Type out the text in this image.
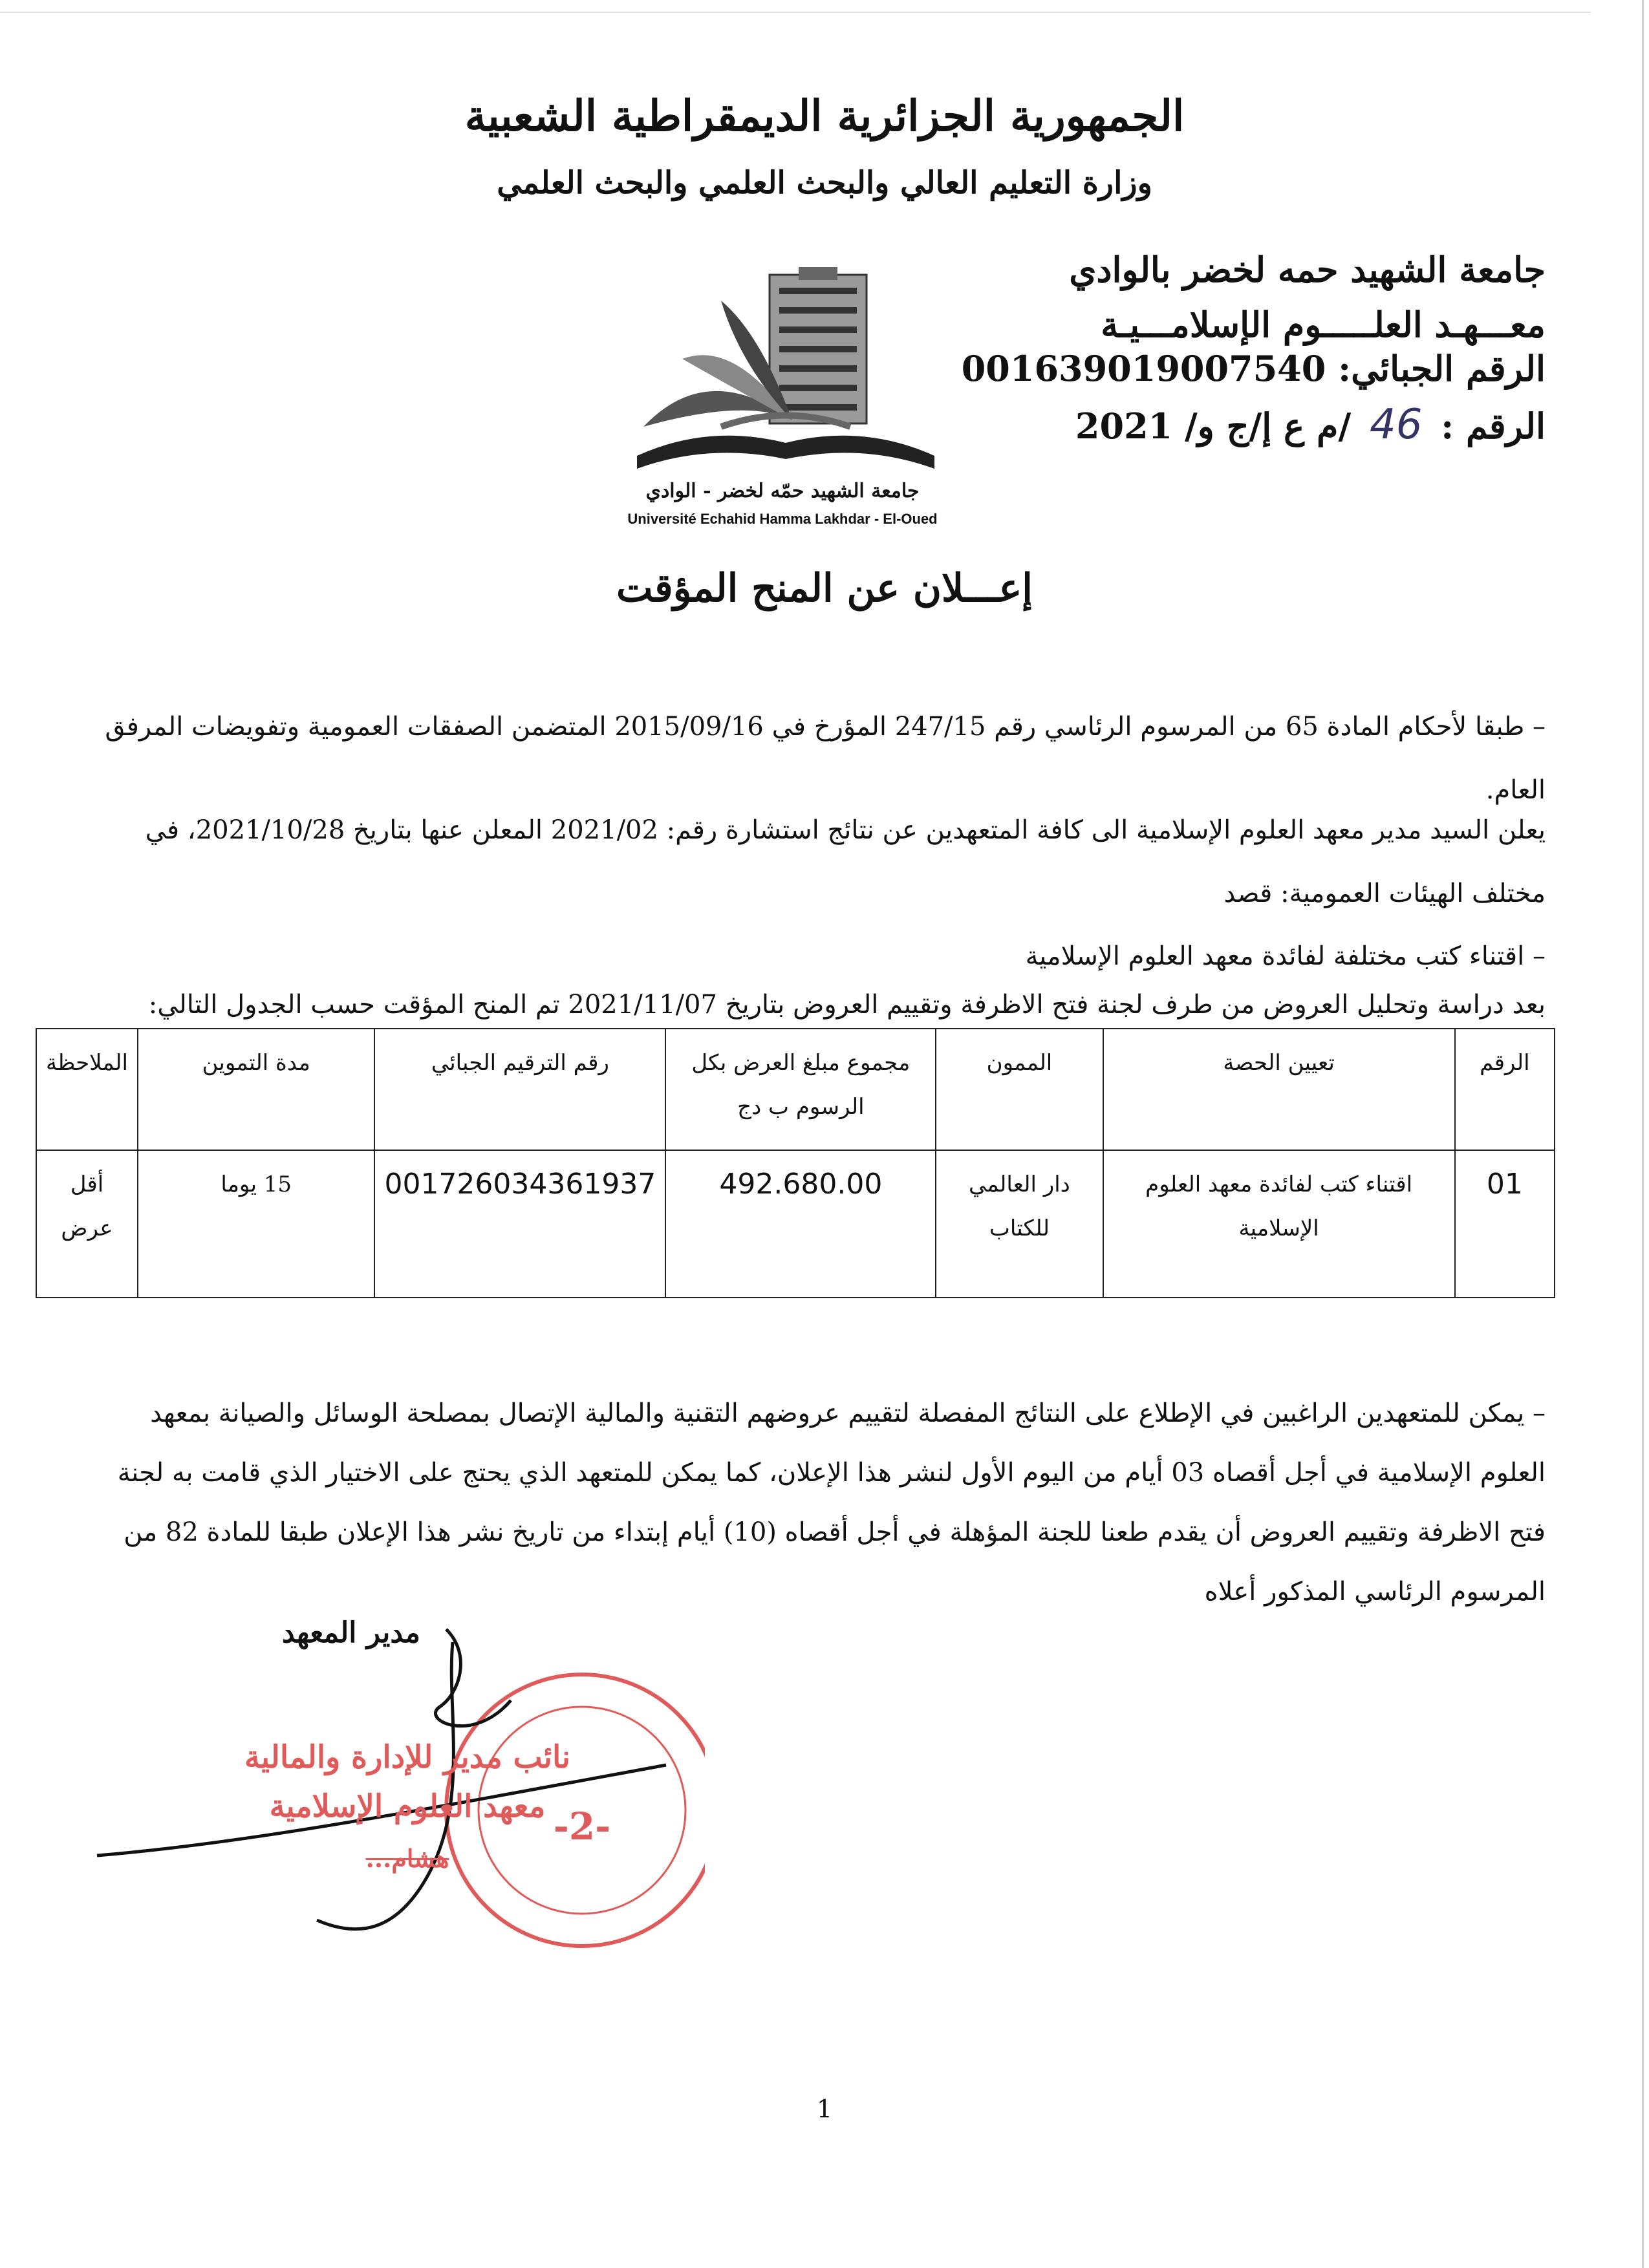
الجمهورية الجزائرية الديمقراطية الشعبية
وزارة التعليم العالي والبحث العلمي والبحث العلمي
جامعة الشهيد حمه لخضر بالوادي
معـــهـد العلـــــوم الإسلامـــيـة
الرقم الجبائي: 001639019007540
الرقم : 46 /م ع إ/ج و/ 2021
جامعة الشهيد حمّه لخضر - الوادي
Université Echahid Hamma Lakhdar - El-Oued
إعـــلان عن المنح المؤقت
– طبقا لأحكام المادة 65 من المرسوم الرئاسي رقم 247/15 المؤرخ في 2015/09/16 المتضمن الصفقات العمومية وتفويضات المرفق العام.
يعلن السيد مدير معهد العلوم الإسلامية الى كافة المتعهدين عن نتائج استشارة رقم: 2021/02 المعلن عنها بتاريخ 2021/10/28، في مختلف الهيئات العمومية: قصد
– اقتناء كتب مختلفة لفائدة معهد العلوم الإسلامية
بعد دراسة وتحليل العروض من طرف لجنة فتح الاظرفة وتقييم العروض بتاريخ 2021/11/07 تم المنح المؤقت حسب الجدول التالي:
الرقم	تعيين الحصة	الممون	مجموع مبلغ العرض بكل الرسوم ب دج	رقم الترقيم الجبائي	مدة التموين	الملاحظة
01	اقتناء كتب لفائدة معهد العلوم الإسلامية	دار العالمي للكتاب	492.680.00	001726034361937	15 يوما	أقل عرض
– يمكن للمتعهدين الراغبين في الإطلاع على النتائج المفصلة لتقييم عروضهم التقنية والمالية الإتصال بمصلحة الوسائل والصيانة بمعهد العلوم الإسلامية في أجل أقصاه 03 أيام من اليوم الأول لنشر هذا الإعلان، كما يمكن للمتعهد الذي يحتج على الاختيار الذي قامت به لجنة فتح الاظرفة وتقييم العروض أن يقدم طعنا للجنة المؤهلة في أجل أقصاه (10) أيام إبتداء من تاريخ نشر هذا الإعلان طبقا للمادة 82 من المرسوم الرئاسي المذكور أعلاه
مدير المعهد
-2-
نائب مدير للإدارة والمالية
معهد العلوم الإسلامية
هشام...
1
